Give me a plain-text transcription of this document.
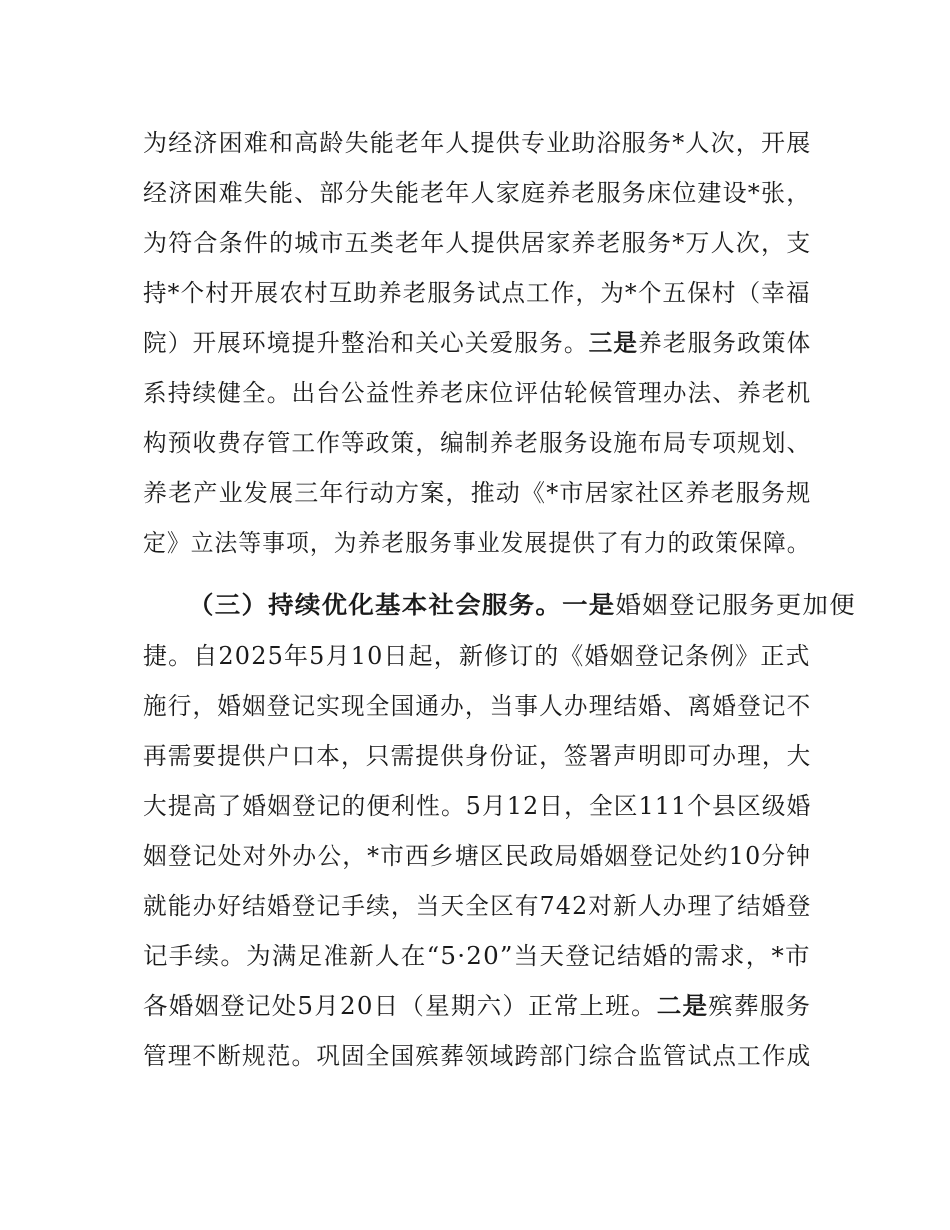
为经济困难和高龄失能老年人提供专业助浴服务*人次，开展
经济困难失能、部分失能老年人家庭养老服务床位建设*张，
为符合条件的城市五类老年人提供居家养老服务*万人次，支
持*个村开展农村互助养老服务试点工作，为*个五保村（幸福
院）开展环境提升整治和关心关爱服务。三是养老服务政策体
系持续健全。出台公益性养老床位评估轮候管理办法、养老机
构预收费存管工作等政策，编制养老服务设施布局专项规划、
养老产业发展三年行动方案，推动《*市居家社区养老服务规
定》立法等事项，为养老服务事业发展提供了有力的政策保障。
（三）持续优化基本社会服务。一是婚姻登记服务更加便
捷。自2025年5月10日起，新修订的《婚姻登记条例》正式
施行，婚姻登记实现全国通办，当事人办理结婚、离婚登记不
再需要提供户口本，只需提供身份证，签署声明即可办理，大
大提高了婚姻登记的便利性。5月12日，全区111个县区级婚
姻登记处对外办公，*市西乡塘区民政局婚姻登记处约10分钟
就能办好结婚登记手续，当天全区有742对新人办理了结婚登
记手续。为满足准新人在“5·20”当天登记结婚的需求，*市
各婚姻登记处5月20日（星期六）正常上班。二是殡葬服务
管理不断规范。巩固全国殡葬领域跨部门综合监管试点工作成
